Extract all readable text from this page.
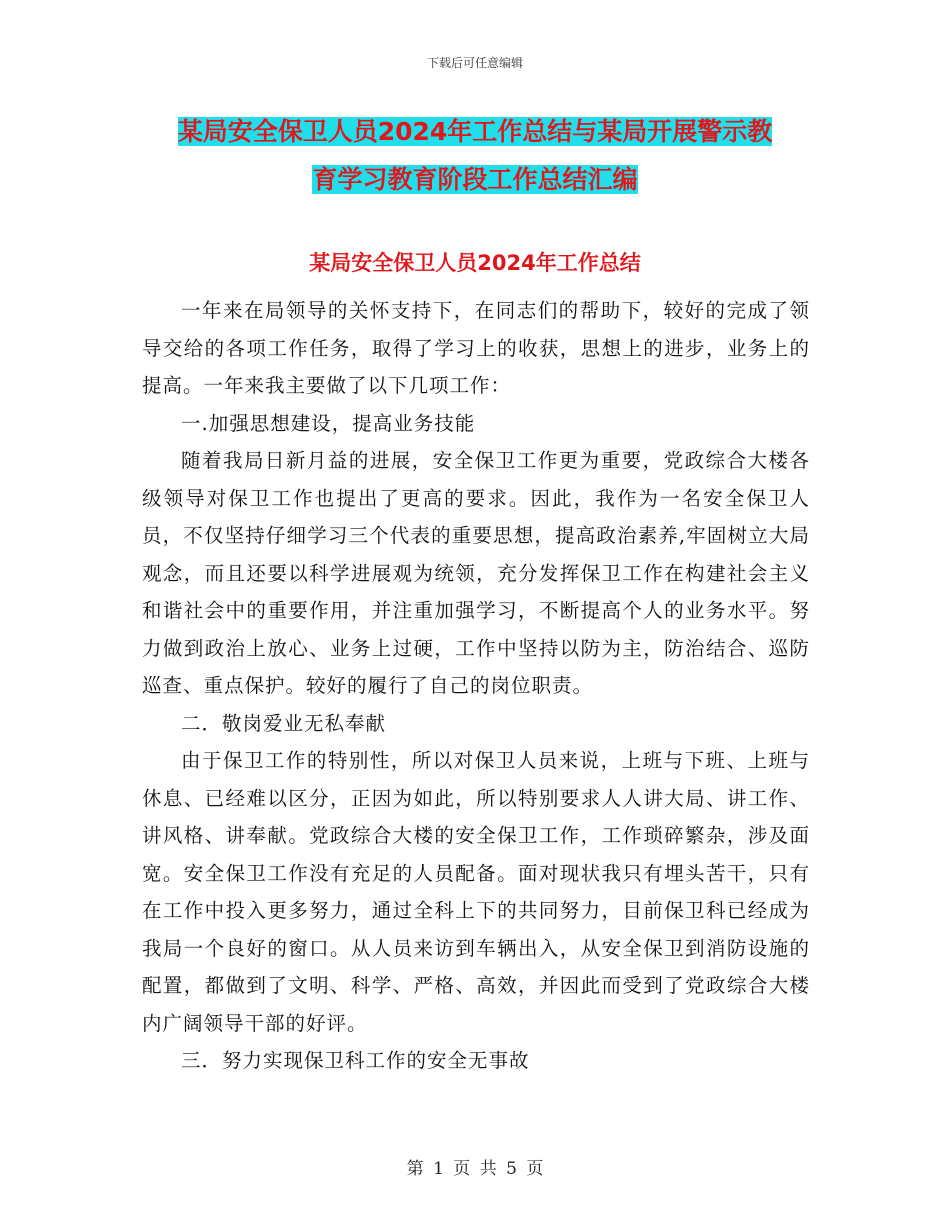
下载后可任意编辑
某局安全保卫人员2024年工作总结与某局开展警示教
育学习教育阶段工作总结汇编
某局安全保卫人员2024年工作总结

一年来在局领导的关怀支持下，在同志们的帮助下，较好的完成了领导交给的各项工作任务，取得了学习上的收获，思想上的进步，业务上的提高。一年来我主要做了以下几项工作：

一.加强思想建设，提高业务技能

随着我局日新月益的进展，安全保卫工作更为重要，党政综合大楼各级领导对保卫工作也提出了更高的要求。因此，我作为一名安全保卫人员，不仅坚持仔细学习三个代表的重要思想，提高政治素养,牢固树立大局观念，而且还要以科学进展观为统领，充分发挥保卫工作在构建社会主义和谐社会中的重要作用，并注重加强学习，不断提高个人的业务水平。努力做到政治上放心、业务上过硬，工作中坚持以防为主，防治结合、巡防巡查、重点保护。较好的履行了自己的岗位职责。

二．敬岗爱业无私奉献

由于保卫工作的特别性，所以对保卫人员来说，上班与下班、上班与休息、已经难以区分，正因为如此，所以特别要求人人讲大局、讲工作、讲风格、讲奉献。党政综合大楼的安全保卫工作，工作琐碎繁杂，涉及面宽。安全保卫工作没有充足的人员配备。面对现状我只有埋头苦干，只有在工作中投入更多努力，通过全科上下的共同努力，目前保卫科已经成为我局一个良好的窗口。从人员来访到车辆出入，从安全保卫到消防设施的配置，都做到了文明、科学、严格、高效，并因此而受到了党政综合大楼内广阔领导干部的好评。

三．努力实现保卫科工作的安全无事故

第 1 页 共 5 页
